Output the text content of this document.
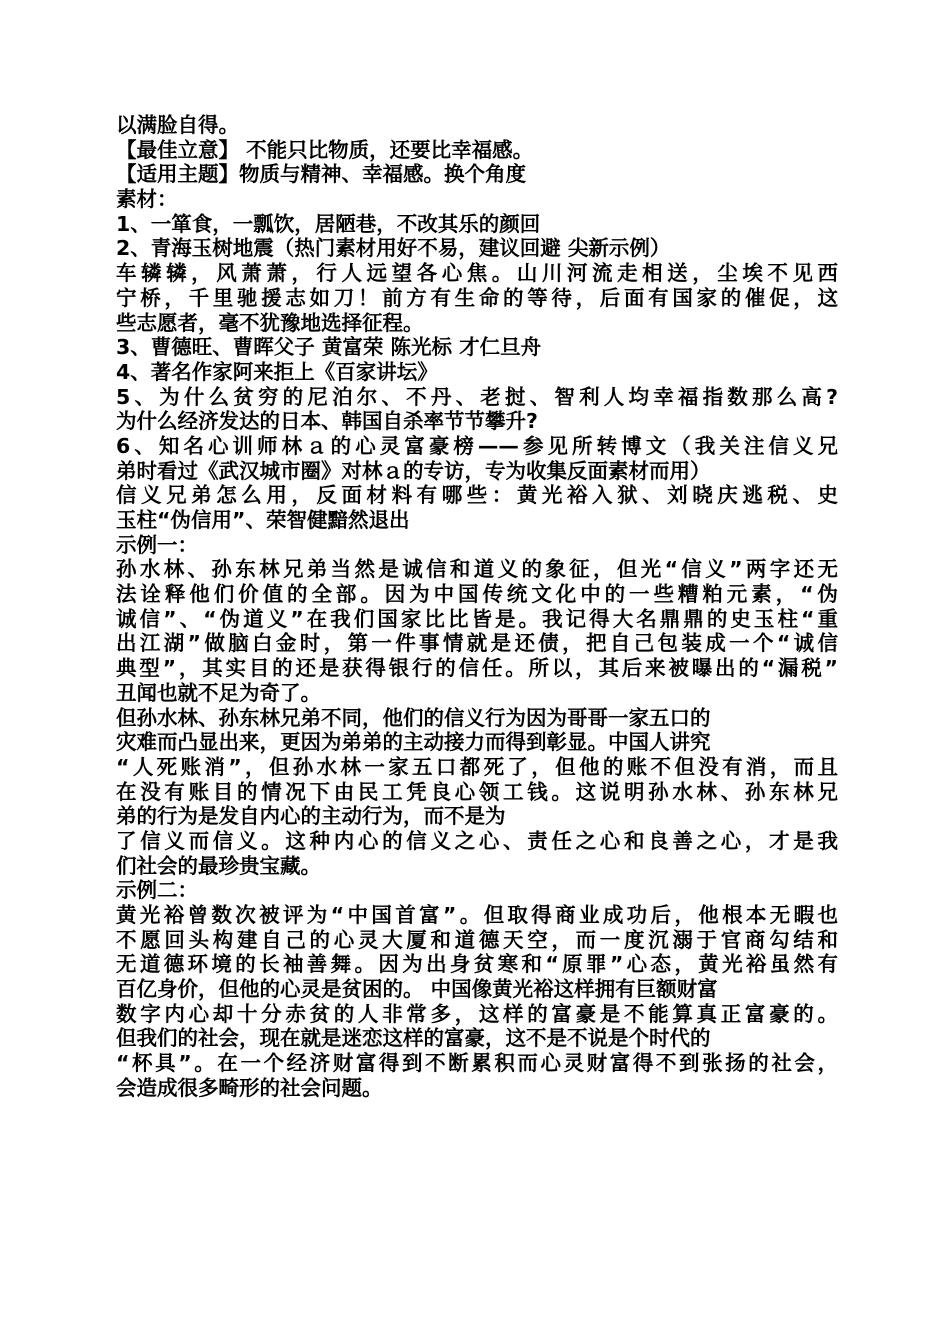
以满脸自得。
【最佳立意】 不能只比物质，还要比幸福感。
【适用主题】物质与精神、幸福感。换个角度
素材：
1、一箪食，一瓢饮，居陋巷，不改其乐的颜回
2、青海玉树地震（热门素材用好不易，建议回避 尖新示例）
车辚辚，风萧萧，行人远望各心焦。山川河流走相送，尘埃不见西
宁桥，千里驰援志如刀！前方有生命的等待，后面有国家的催促，这
些志愿者，毫不犹豫地选择征程。
3、曹德旺、曹晖父子 黄富荣 陈光标 才仁旦舟
4、著名作家阿来拒上《百家讲坛》
5、为什么贫穷的尼泊尔、不丹、老挝、智利人均幸福指数那么高?
为什么经济发达的日本、韩国自杀率节节攀升?
6、知名心训师林ａ的心灵富豪榜——参见所转博文（我关注信义兄
弟时看过《武汉城市圈》对林ａ的专访，专为收集反面素材而用）
信义兄弟怎么用，反面材料有哪些：黄光裕入狱、刘晓庆逃税、史
玉柱“伪信用”、荣智健黯然退出
示例一：
孙水林、孙东林兄弟当然是诚信和道义的象征，但光“信义”两字还无
法诠释他们价值的全部。因为中国传统文化中的一些糟粕元素，“伪
诚信”、“伪道义”在我们国家比比皆是。我记得大名鼎鼎的史玉柱“重
出江湖”做脑白金时，第一件事情就是还债，把自己包装成一个“诚信
典型”，其实目的还是获得银行的信任。所以，其后来被曝出的“漏税”
丑闻也就不足为奇了。
但孙水林、孙东林兄弟不同，他们的信义行为因为哥哥一家五口的
灾难而凸显出来，更因为弟弟的主动接力而得到彰显。中国人讲究
“人死账消”，但孙水林一家五口都死了，但他的账不但没有消，而且
在没有账目的情况下由民工凭良心领工钱。这说明孙水林、孙东林兄
弟的行为是发自内心的主动行为，而不是为
了信义而信义。这种内心的信义之心、责任之心和良善之心，才是我
们社会的最珍贵宝藏。
示例二：
黄光裕曾数次被评为“中国首富”。但取得商业成功后，他根本无暇也
不愿回头构建自己的心灵大厦和道德天空，而一度沉溺于官商勾结和
无道德环境的长袖善舞。因为出身贫寒和“原罪”心态，黄光裕虽然有
百亿身价，但他的心灵是贫困的。 中国像黄光裕这样拥有巨额财富
数字内心却十分赤贫的人非常多，这样的富豪是不能算真正富豪的。
但我们的社会，现在就是迷恋这样的富豪，这不是不说是个时代的
“杯具”。在一个经济财富得到不断累积而心灵财富得不到张扬的社会，
会造成很多畸形的社会问题。
